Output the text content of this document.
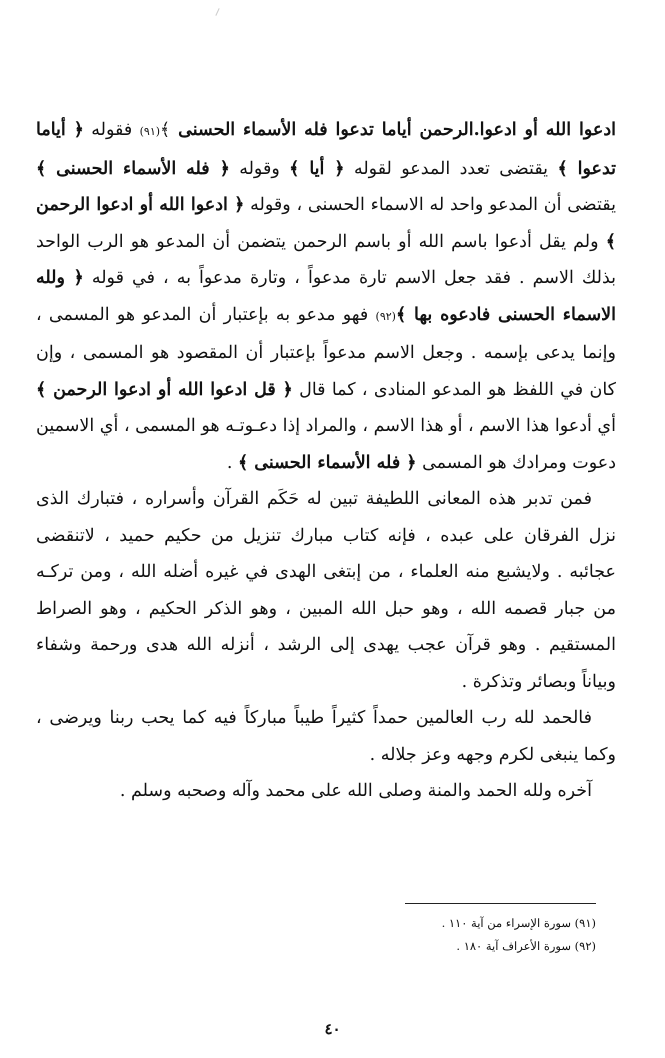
ادعوا الله أو ادعوا.الرحمن أياما تدعوا فله الأسماء الحسنى ﴾(٩١) فقوله ﴿ أياما تدعوا ﴾ يقتضى تعدد المدعو لقوله ﴿ أيا ﴾ وقوله ﴿ فله الأسماء الحسنى ﴾ يقتضى أن المدعو واحد له الاسماء الحسنى ، وقوله ﴿ ادعوا الله أو ادعوا الرحمن ﴾ ولم يقل أدعوا باسم الله أو باسم الرحمن يتضمن أن المدعو هو الرب الواحد بذلك الاسم . فقد جعل الاسم تارة مدعواً ، وتارة مدعواً به ، في قوله ﴿ ولله الاسماء الحسنى فادعوه بها ﴾(٩٢) فهو مدعو به بإعتبار أن المدعو هو المسمى ، وإنما يدعى بإسمه . وجعل الاسم مدعواً بإعتبار أن المقصود هو المسمى ، وإن كان في اللفظ هو المدعو المنادى ، كما قال ﴿ قل ادعوا الله أو ادعوا الرحمن ﴾ أي أدعوا هذا الاسم ، أو هذا الاسم ، والمراد إذا دعـوتـه هو المسمى ، أي الاسمين دعوت ومرادك هو المسمى ﴿ فله الأسماء الحسنى ﴾ .

فمن تدبر هذه المعانى اللطيفة تبين له حَكَم القرآن وأسراره ، فتبارك الذى نزل الفرقان على عبده ، فإنه كتاب مبارك تنزيل من حكيم حميد ، لاتنقضى عجائبه . ولايشبع منه العلماء ، من إبتغى الهدى في غيره أضله الله ، ومن تركـه من جبار قصمه الله ، وهو حبل الله المبين ، وهو الذكر الحكيم ، وهو الصراط المستقيم . وهو قرآن عجب يهدى إلى الرشد ، أنزله الله هدى ورحمة وشفاء وبياناً وبصائر وتذكرة .

فالحمد لله رب العالمين حمداً كثيراً طيباً مباركاً فيه كما يحب ربنا ويرضى ، وكما ينبغى لكرم وجهه وعز جلاله .

آخره ولله الحمد والمنة وصلى الله على محمد وآله وصحبه وسلم .

(٩١) سورة الإسراء من آية ١١٠ .

(٩٢) سورة الأعراف آية ١٨٠ .

٤٠
